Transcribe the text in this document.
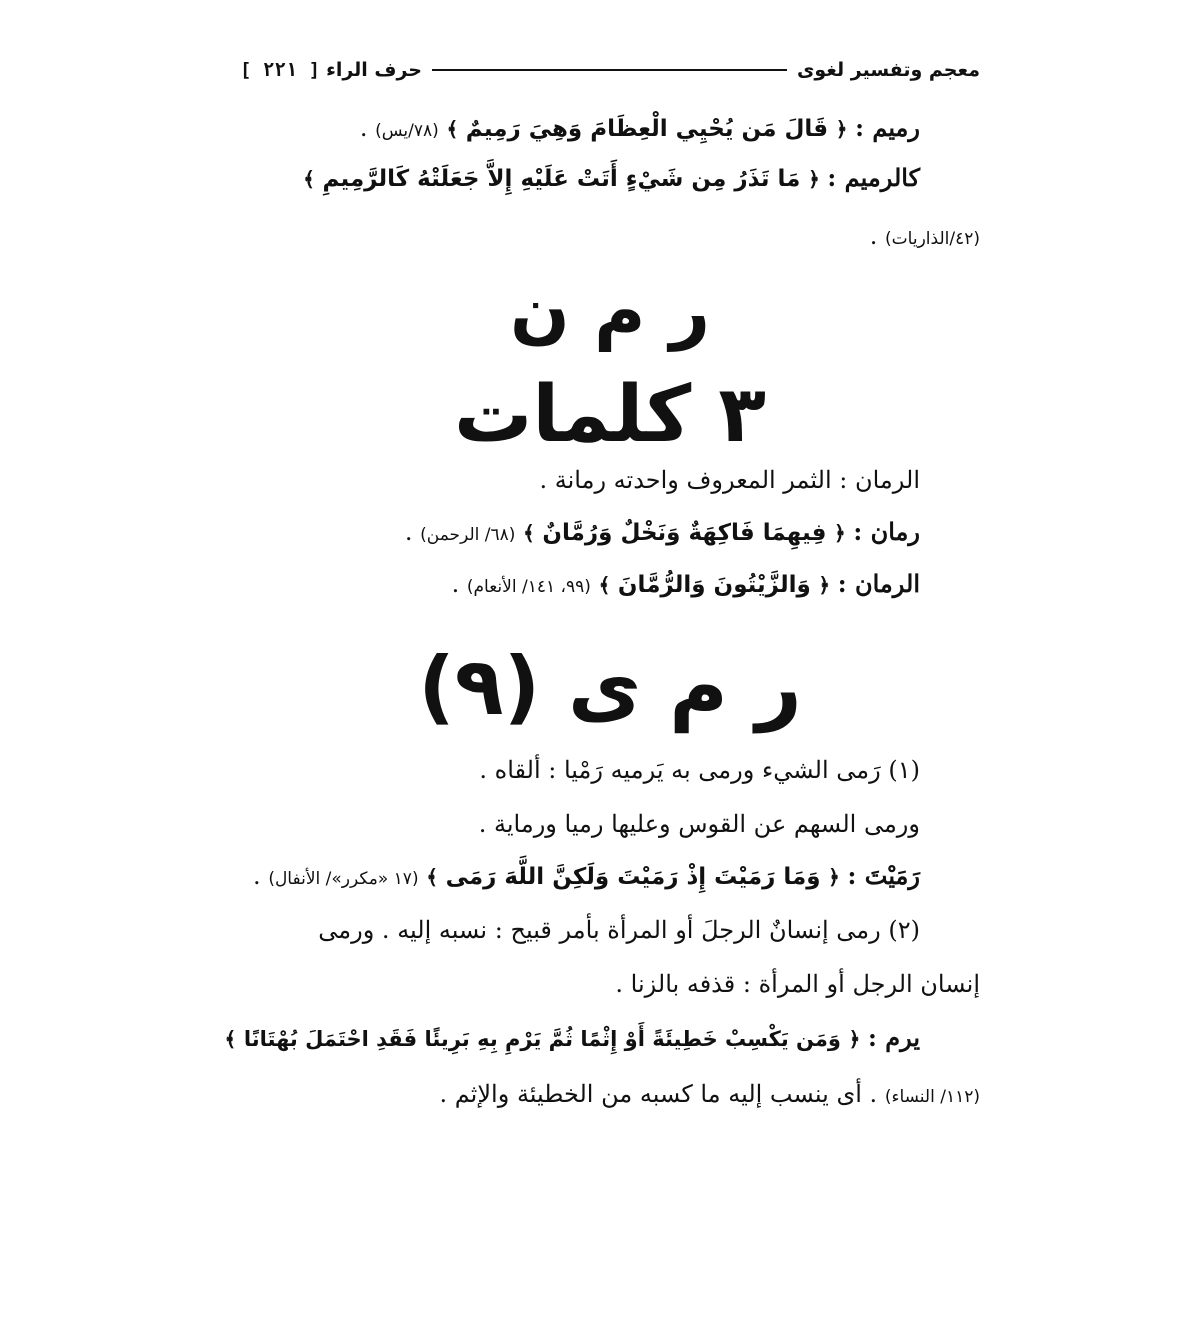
معجم وتفسير لغوى
حرف الراء
[ ٢٢١ ]
رميم : ﴿ قَالَ مَن يُحْيِي الْعِظَامَ وَهِيَ رَمِيمٌ ﴾ (٧٨/يس) .
كالرميم : ﴿ مَا تَذَرُ مِن شَيْءٍ أَتَتْ عَلَيْهِ إِلاَّ جَعَلَتْهُ كَالرَّمِيمِ ﴾
(٤٢/الذاريات) .
ر م ن
٣ كلمات
الرمان : الثمر المعروف واحدته رمانة .
رمان : ﴿ فِيهِمَا فَاكِهَةٌ وَنَخْلٌ وَرُمَّانٌ ﴾ (٦٨/ الرحمن) .
الرمان : ﴿ وَالزَّيْتُونَ وَالرُّمَّانَ ﴾ (٩٩، ١٤١/ الأنعام) .
ر م ى (٩)
(١) رَمى الشيء ورمى به يَرميه رَمْيا : ألقاه .
ورمى السهم عن القوس وعليها رميا ورماية .
رَمَيْتَ : ﴿ وَمَا رَمَيْتَ إِذْ رَمَيْتَ وَلَكِنَّ اللَّهَ رَمَى ﴾ (١٧ «مكرر»/ الأنفال) .
(٢) رمى إنسانٌ الرجلَ أو المرأة بأمر قبيح : نسبه إليه . ورمى
إنسان الرجل أو المرأة : قذفه بالزنا .
يرم : ﴿ وَمَن يَكْسِبْ خَطِيئَةً أَوْ إِثْمًا ثُمَّ يَرْمِ بِهِ بَرِيئًا فَقَدِ احْتَمَلَ بُهْتَانًا ﴾
(١١٢/ النساء) . أى ينسب إليه ما كسبه من الخطيئة والإثم .
